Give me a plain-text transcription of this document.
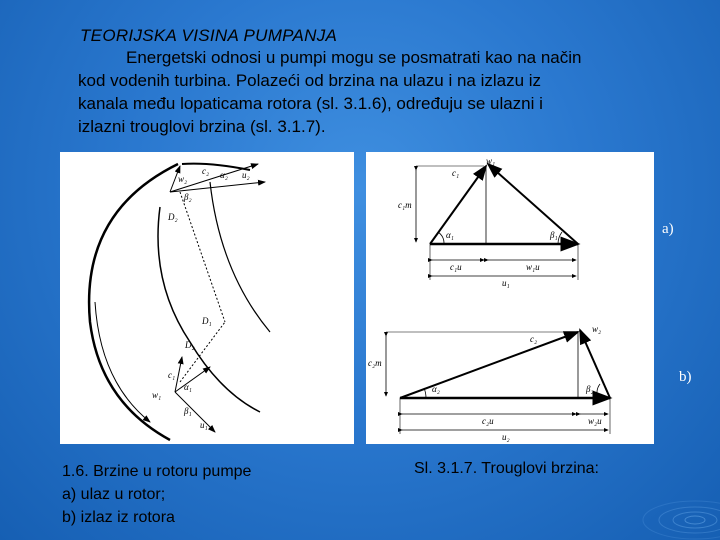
TEORIJSKA VISINA PUMPANJA
Energetski odnosi u pumpi mogu se posmatrati kao na način
kod vodenih turbina. Polazeći od brzina na ulazu i na izlazu iz
kanala među lopaticama rotora (sl. 3.1.6), određuju se ulazni i
izlazni trouglovi brzina (sl. 3.1.7).
c₂
w₂	u₂
β₂
α₂
D₂
D₁
D₂
c₁
w₁
u₁
α₁
β₁
w₁
c₁
c₁m
α₁	β₁
c₁u	w₁u
u₁
w₂
c₂
c₂m
α₂	β₂
c₂u	w₂u
u₂
a)
b)
1.6. Brzine u rotoru pumpe
a) ulaz u rotor;
b) izlaz iz rotora
Sl. 3.1.7. Trouglovi brzina:
